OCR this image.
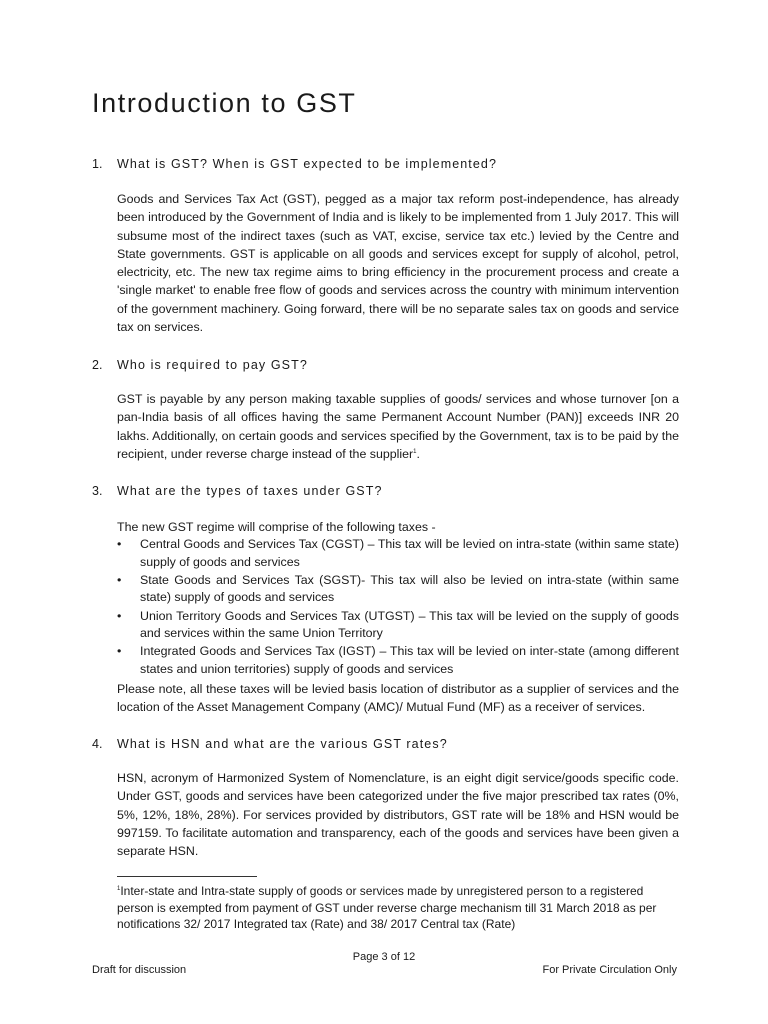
Introduction to GST
1. What is GST? When is GST expected to be implemented?

Goods and Services Tax Act (GST), pegged as a major tax reform post-independence, has already been introduced by the Government of India and is likely to be implemented from 1 July 2017. This will subsume most of the indirect taxes (such as VAT, excise, service tax etc.) levied by the Centre and State governments. GST is applicable on all goods and services except for supply of alcohol, petrol, electricity, etc. The new tax regime aims to bring efficiency in the procurement process and create a 'single market' to enable free flow of goods and services across the country with minimum intervention of the government machinery. Going forward, there will be no separate sales tax on goods and service tax on services.

2. Who is required to pay GST?

GST is payable by any person making taxable supplies of goods/ services and whose turnover [on a pan-India basis of all offices having the same Permanent Account Number (PAN)] exceeds INR 20 lakhs. Additionally, on certain goods and services specified by the Government, tax is to be paid by the recipient, under reverse charge instead of the supplier$^1$.

3. What are the types of taxes under GST?

The new GST regime will comprise of the following taxes -

• Central Goods and Services Tax (CGST) – This tax will be levied on intra-state (within same state) supply of goods and services
• State Goods and Services Tax (SGST)- This tax will also be levied on intra-state (within same state) supply of goods and services
• Union Territory Goods and Services Tax (UTGST) – This tax will be levied on the supply of goods and services within the same Union Territory
• Integrated Goods and Services Tax (IGST) – This tax will be levied on inter-state (among different states and union territories) supply of goods and services

Please note, all these taxes will be levied basis location of distributor as a supplier of services and the location of the Asset Management Company (AMC)/ Mutual Fund (MF) as a receiver of services.

4. What is HSN and what are the various GST rates?

HSN, acronym of Harmonized System of Nomenclature, is an eight digit service/goods specific code. Under GST, goods and services have been categorized under the five major prescribed tax rates (0%, 5%, 12%, 18%, 28%). For services provided by distributors, GST rate will be 18% and HSN would be 997159. To facilitate automation and transparency, each of the goods and services have been given a separate HSN.

$^1$Inter-state and Intra-state supply of goods or services made by unregistered person to a registered person is exempted from payment of GST under reverse charge mechanism till 31 March 2018 as per notifications 32/ 2017 Integrated tax (Rate) and 38/ 2017 Central tax (Rate)

Page 3 of 12
Draft for discussion	For Private Circulation Only
